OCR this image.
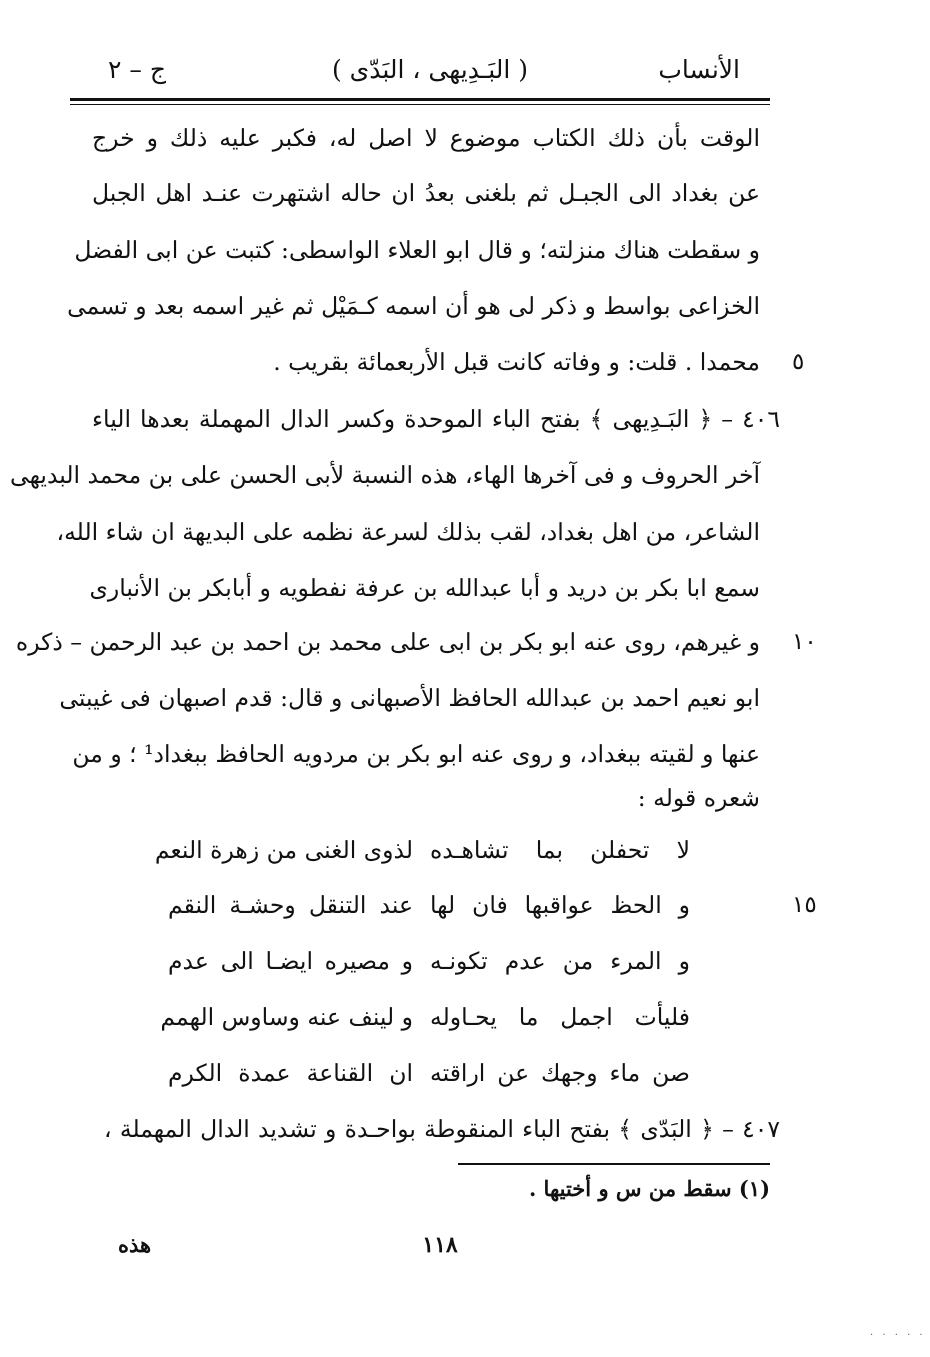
الأنساب
( البَـدِيهى ، البَدّى )
ج – ٢
الوقت بأن ذلك الكتاب موضوع لا اصل له، فكبر عليه ذلك و خرج
عن بغداد الى الجبـل ثم بلغنى بعدُ ان حاله اشتهرت عنـد اهل الجبل
و سقطت هناك منزلته؛ و قال ابو العلاء الواسطى: كتبت عن ابى الفضل
الخزاعى بواسط و ذكر لى هو أن اسمه كـمَيْل ثم غير اسمه بعد و تسمى
محمدا . قلت: و وفاته كانت قبل الأربعمائة بقريب . ٥
٤٠٦ – ﴿ البَـدِيهى ﴾ بفتح الباء الموحدة وكسر الدال المهملة بعدها الياء
آخر الحروف و فى آخرها الهاء، هذه النسبة لأبى الحسن على بن محمد البديهى
الشاعر، من اهل بغداد، لقب بذلك لسرعة نظمه على البديهة ان شاء الله،
سمع ابا بكر بن دريد و أبا عبدالله بن عرفة نفطويه و أبابكر بن الأنبارى
و غيرهم، روى عنه ابو بكر بن ابى على محمد بن احمد بن عبد الرحمن – ذكره ١٠
ابو نعيم احمد بن عبدالله الحافظ الأصبهانى و قال: قدم اصبهان فى غيبتى
عنها و لقيته ببغداد، و روى عنه ابو بكر بن مردويه الحافظ ببغداد¹ ؛ و من
شعره قوله :
لا تحفلن بما تشاهـده
لذوى الغنى من زهرة النعم
و الحظ عواقبها فان لها
عند التنقل وحشـة النقم	١٥
و المرء من عدم تكونـه
و مصيره ايضـا الى عدم
فليأت اجمل ما يحـاوله
و لينف عنه وساوس الهمم
صن ماء وجهك عن اراقته
ان القناعة عمدة الكرم
٤٠٧ – ﴿ البَدّى ﴾ بفتح الباء المنقوطة بواحـدة و تشديد الدال المهملة ،
(١) سقط من س و أختيها .
١١٨
هذه
· · · · ·
